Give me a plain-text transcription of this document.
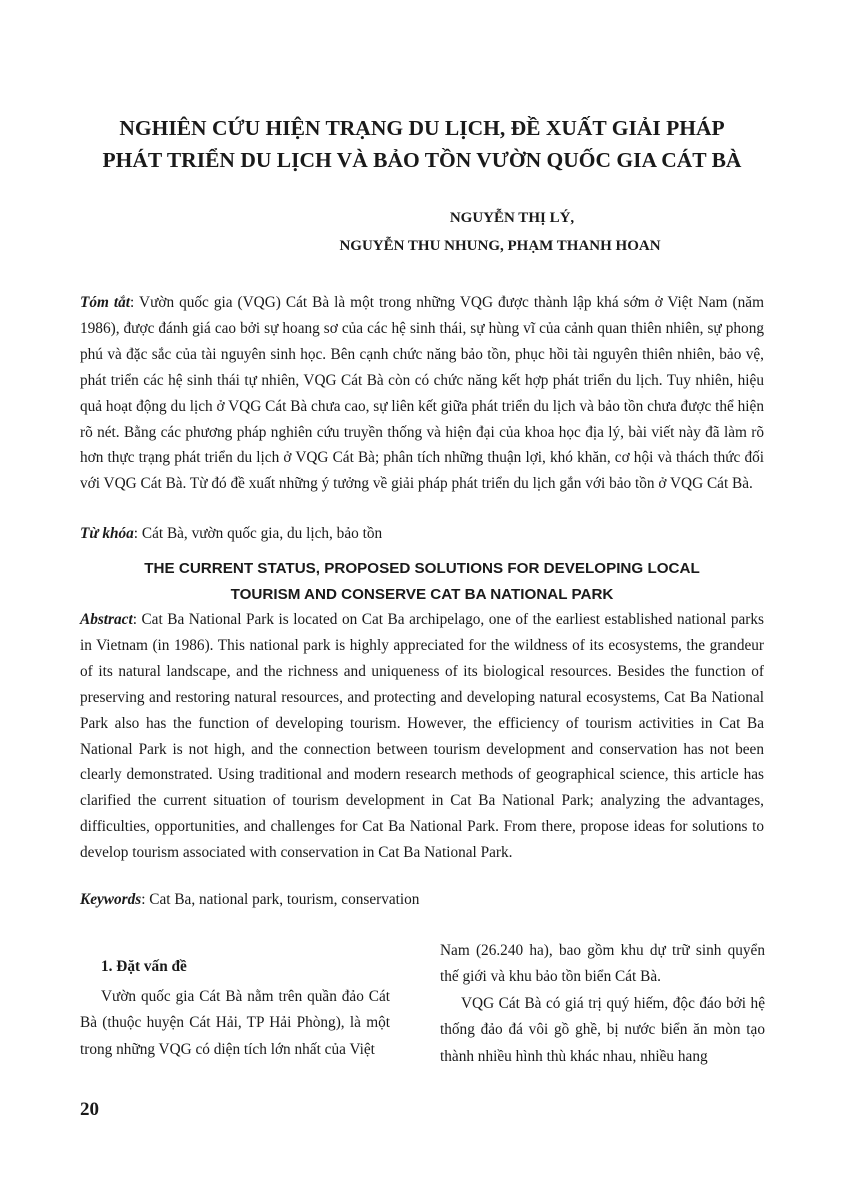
NGHIÊN CỨU HIỆN TRẠNG DU LỊCH, ĐỀ XUẤT GIẢI PHÁP
PHÁT TRIỂN DU LỊCH VÀ BẢO TỒN VƯỜN QUỐC GIA CÁT BÀ
NGUYỄN THỊ LÝ,
NGUYỄN THU NHUNG, PHẠM THANH HOAN

Tóm tắt: Vườn quốc gia (VQG) Cát Bà là một trong những VQG được thành lập khá sớm ở Việt Nam (năm 1986), được đánh giá cao bởi sự hoang sơ của các hệ sinh thái, sự hùng vĩ của cảnh quan thiên nhiên, sự phong phú và đặc sắc của tài nguyên sinh học. Bên cạnh chức năng bảo tồn, phục hồi tài nguyên thiên nhiên, bảo vệ, phát triển các hệ sinh thái tự nhiên, VQG Cát Bà còn có chức năng kết hợp phát triển du lịch. Tuy nhiên, hiệu quả hoạt động du lịch ở VQG Cát Bà chưa cao, sự liên kết giữa phát triển du lịch và bảo tồn chưa được thể hiện rõ nét. Bằng các phương pháp nghiên cứu truyền thống và hiện đại của khoa học địa lý, bài viết này đã làm rõ hơn thực trạng phát triển du lịch ở VQG Cát Bà; phân tích những thuận lợi, khó khăn, cơ hội và thách thức đối với VQG Cát Bà. Từ đó đề xuất những ý tưởng về giải pháp phát triển du lịch gắn với bảo tồn ở VQG Cát Bà.

Từ khóa: Cát Bà, vườn quốc gia, du lịch, bảo tồn

THE CURRENT STATUS, PROPOSED SOLUTIONS FOR DEVELOPING LOCAL
TOURISM AND CONSERVE CAT BA NATIONAL PARK

Abstract: Cat Ba National Park is located on Cat Ba archipelago, one of the earliest established national parks in Vietnam (in 1986). This national park is highly appreciated for the wildness of its ecosystems, the grandeur of its natural landscape, and the richness and uniqueness of its biological resources. Besides the function of preserving and restoring natural resources, and protecting and developing natural ecosystems, Cat Ba National Park also has the function of developing tourism. However, the efficiency of tourism activities in Cat Ba National Park is not high, and the connection between tourism development and conservation has not been clearly demonstrated. Using traditional and modern research methods of geographical science, this article has clarified the current situation of tourism development in Cat Ba National Park; analyzing the advantages, difficulties, opportunities, and challenges for Cat Ba National Park. From there, propose ideas for solutions to develop tourism associated with conservation in Cat Ba National Park.

Keywords: Cat Ba, national park, tourism, conservation

1. Đặt vấn đề

Vườn quốc gia Cát Bà nằm trên quần đảo Cát Bà (thuộc huyện Cát Hải, TP Hải Phòng), là một trong những VQG có diện tích lớn nhất của Việt

Nam (26.240 ha), bao gồm khu dự trữ sinh quyển thế giới và khu bảo tồn biển Cát Bà.
VQG Cát Bà có giá trị quý hiếm, độc đáo bởi hệ thống đảo đá vôi gồ ghề, bị nước biển ăn mòn tạo thành nhiều hình thù khác nhau, nhiều hang
20
